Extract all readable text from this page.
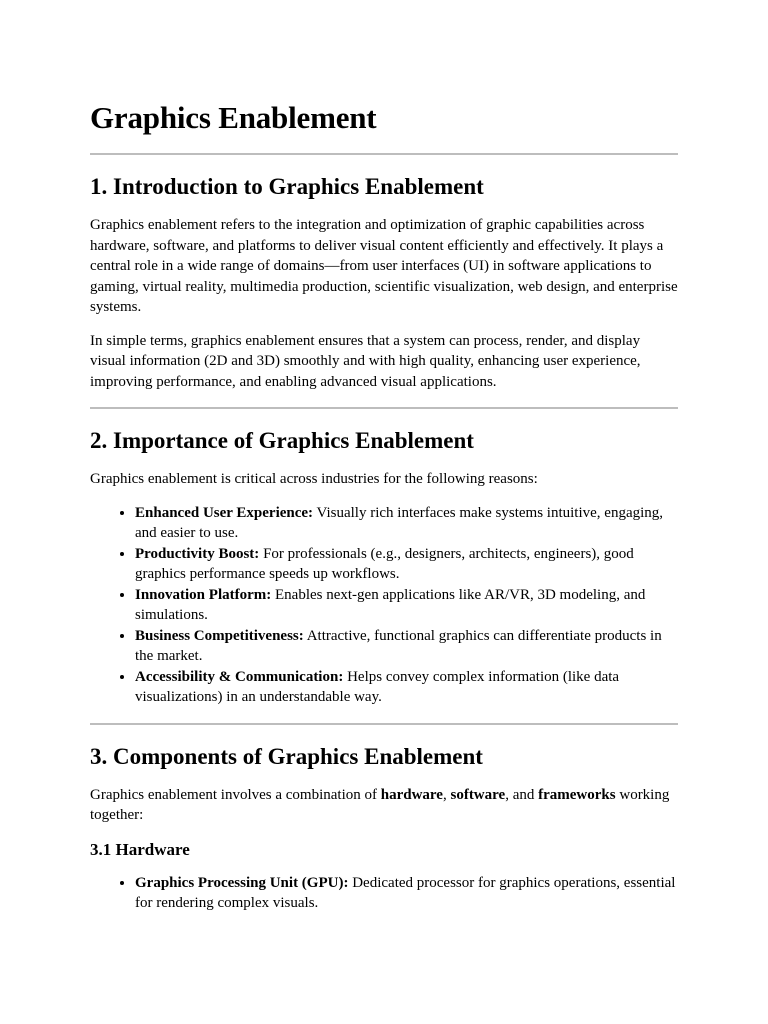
Graphics Enablement
1. Introduction to Graphics Enablement

Graphics enablement refers to the integration and optimization of graphic capabilities across hardware, software, and platforms to deliver visual content efficiently and effectively. It plays a central role in a wide range of domains—from user interfaces (UI) in software applications to gaming, virtual reality, multimedia production, scientific visualization, web design, and enterprise systems.

In simple terms, graphics enablement ensures that a system can process, render, and display visual information (2D and 3D) smoothly and with high quality, enhancing user experience, improving performance, and enabling advanced visual applications.

2. Importance of Graphics Enablement

Graphics enablement is critical across industries for the following reasons:

• Enhanced User Experience: Visually rich interfaces make systems intuitive, engaging, and easier to use.
• Productivity Boost: For professionals (e.g., designers, architects, engineers), good graphics performance speeds up workflows.
• Innovation Platform: Enables next-gen applications like AR/VR, 3D modeling, and simulations.
• Business Competitiveness: Attractive, functional graphics can differentiate products in the market.
• Accessibility & Communication: Helps convey complex information (like data visualizations) in an understandable way.
3. Components of Graphics Enablement

Graphics enablement involves a combination of hardware, software, and frameworks working together:

3.1 Hardware
• Graphics Processing Unit (GPU): Dedicated processor for graphics operations, essential for rendering complex visuals.
